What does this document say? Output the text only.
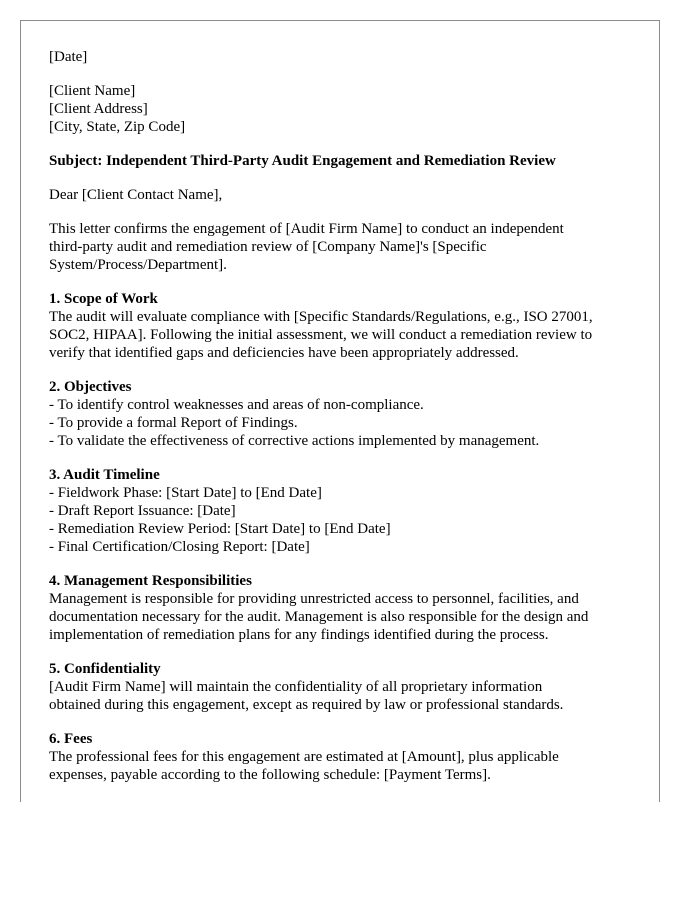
[Date]

[Client Name]
[Client Address]
[City, State, Zip Code]

Subject: Independent Third-Party Audit Engagement and Remediation Review

Dear [Client Contact Name],

This letter confirms the engagement of [Audit Firm Name] to conduct an independent
third-party audit and remediation review of [Company Name]'s [Specific
System/Process/Department].

1. Scope of Work
The audit will evaluate compliance with [Specific Standards/Regulations, e.g., ISO 27001,
SOC2, HIPAA]. Following the initial assessment, we will conduct a remediation review to
verify that identified gaps and deficiencies have been appropriately addressed.
2. Objectives
- To identify control weaknesses and areas of non-compliance.
- To provide a formal Report of Findings.
- To validate the effectiveness of corrective actions implemented by management.
3. Audit Timeline
- Fieldwork Phase: [Start Date] to [End Date]
- Draft Report Issuance: [Date]
- Remediation Review Period: [Start Date] to [End Date]
- Final Certification/Closing Report: [Date]
4. Management Responsibilities
Management is responsible for providing unrestricted access to personnel, facilities, and
documentation necessary for the audit. Management is also responsible for the design and
implementation of remediation plans for any findings identified during the process.
5. Confidentiality
[Audit Firm Name] will maintain the confidentiality of all proprietary information
obtained during this engagement, except as required by law or professional standards.
6. Fees
The professional fees for this engagement are estimated at [Amount], plus applicable
expenses, payable according to the following schedule: [Payment Terms].
